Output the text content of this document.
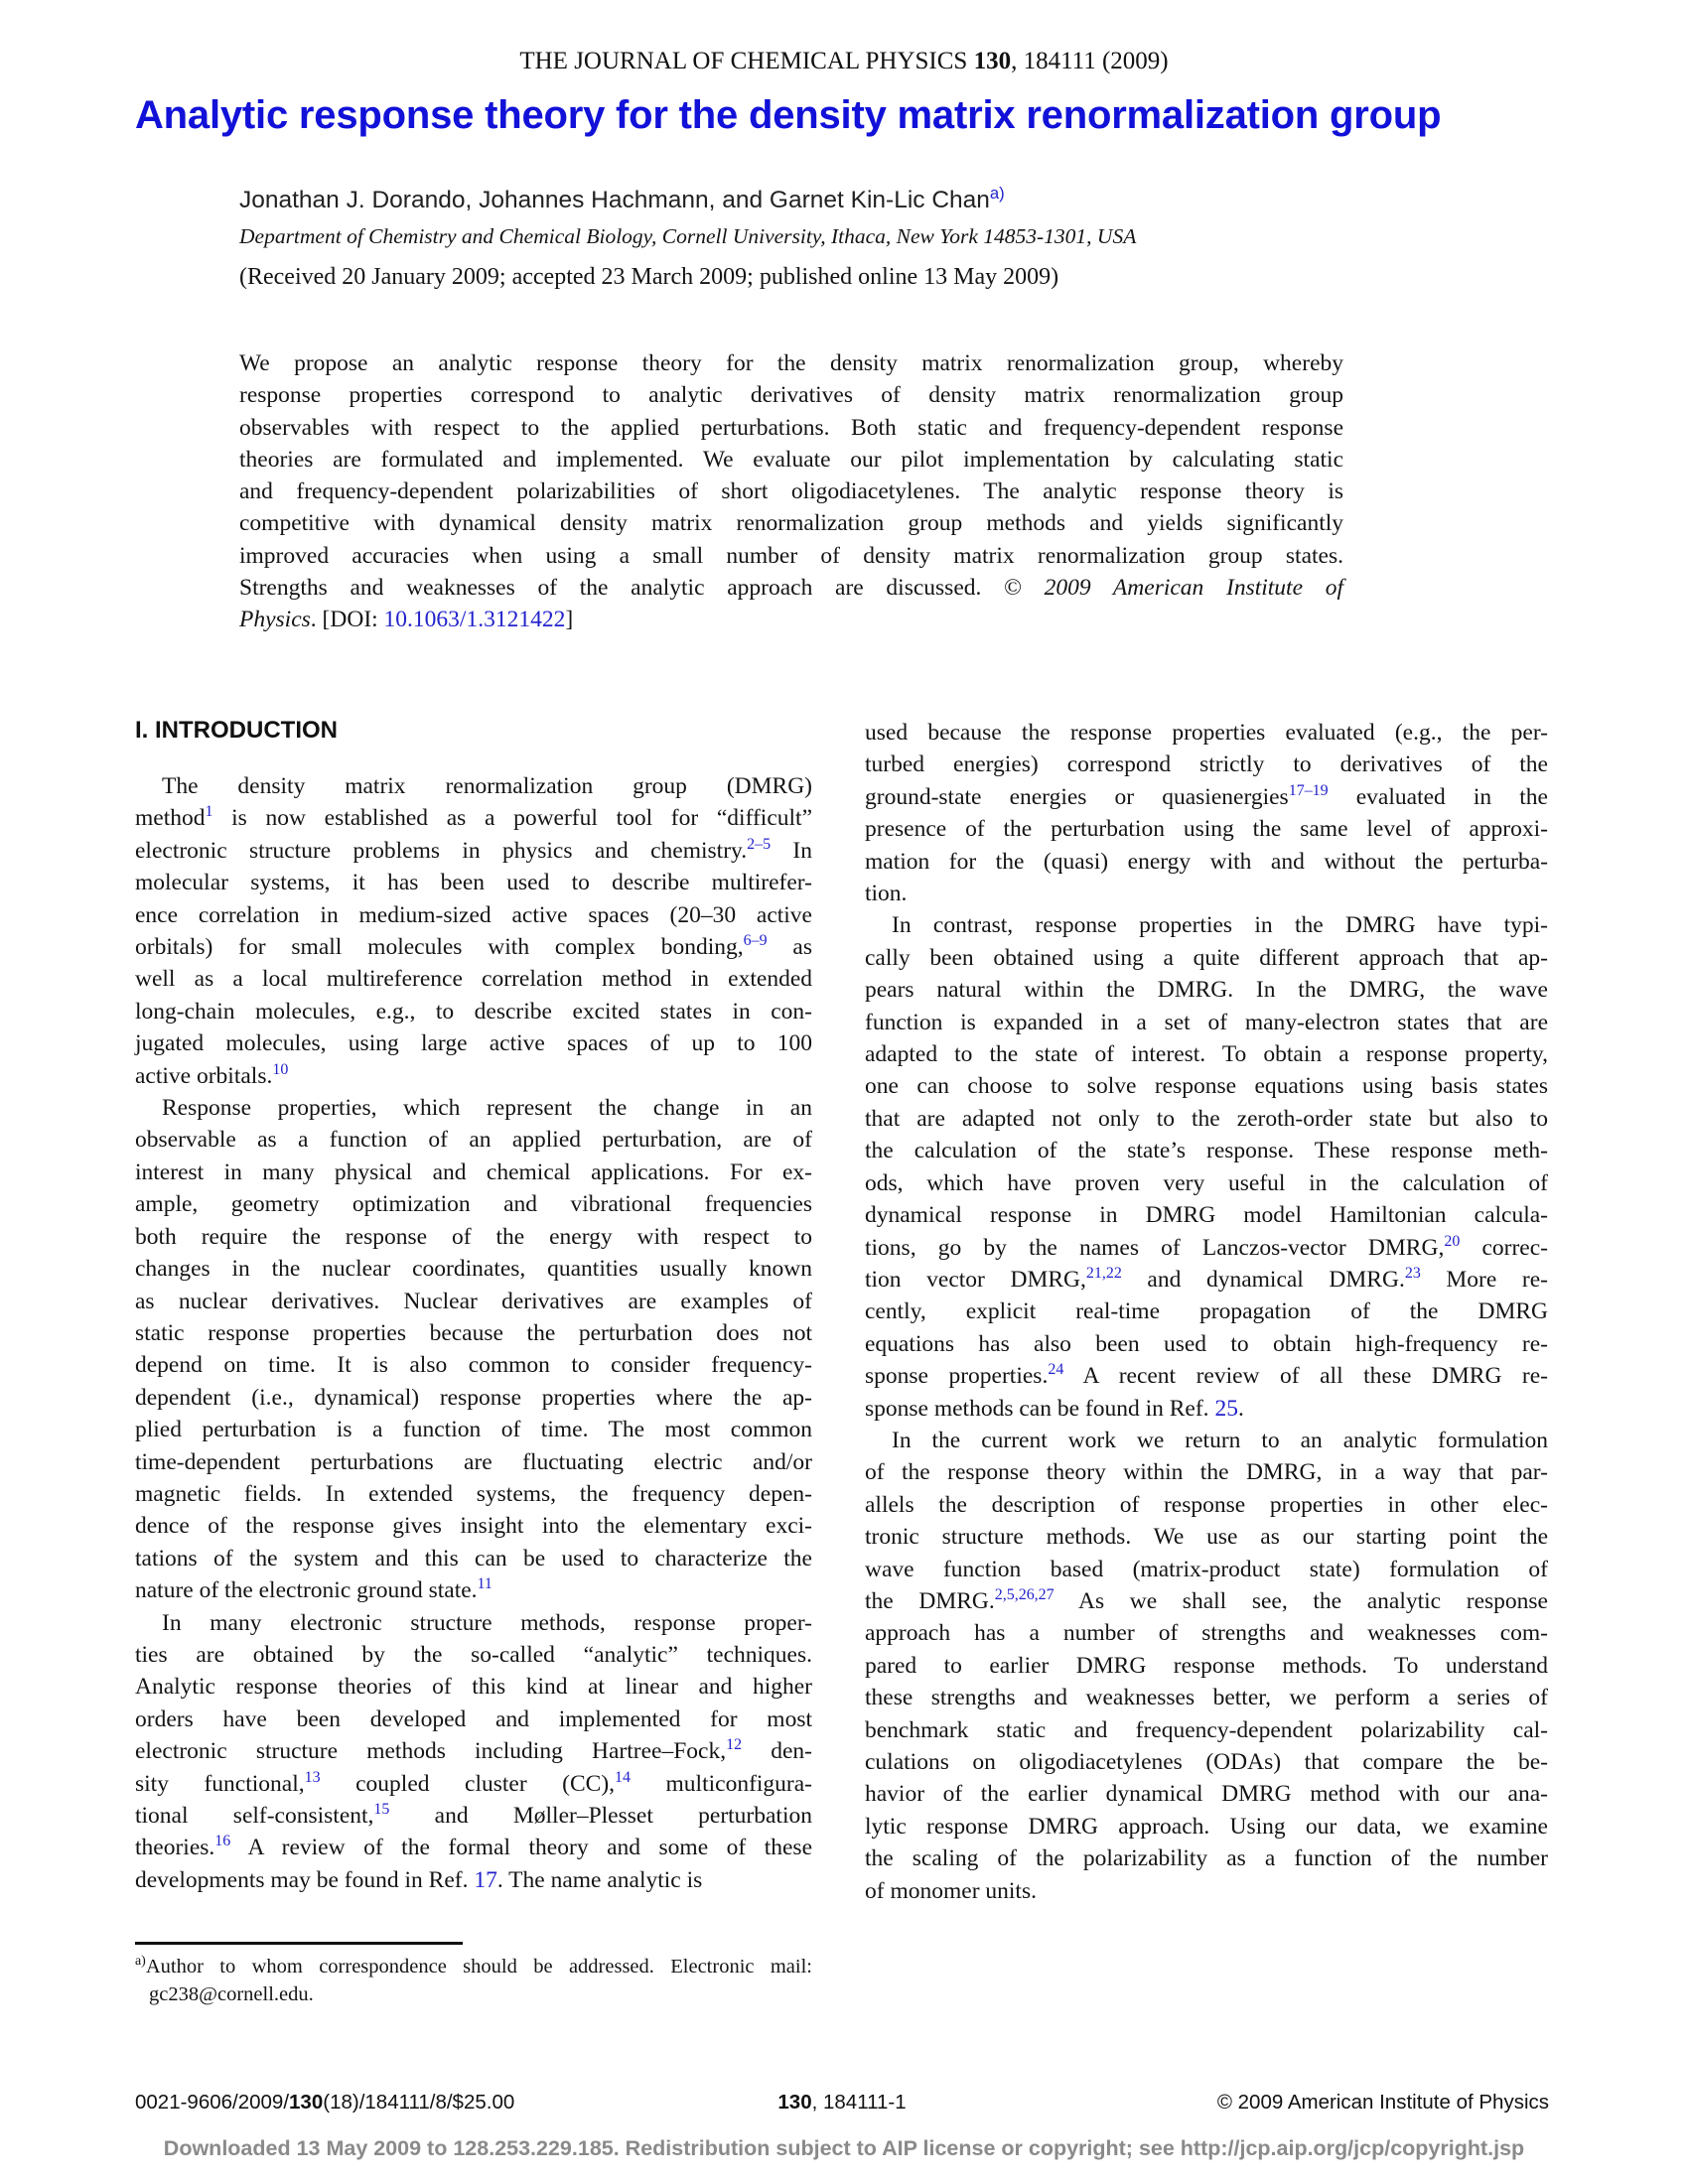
THE JOURNAL OF CHEMICAL PHYSICS 130, 184111 (2009)
Analytic response theory for the density matrix renormalization group
Jonathan J. Dorando, Johannes Hachmann, and Garnet Kin-Lic Chan$^{a)}$
Department of Chemistry and Chemical Biology, Cornell University, Ithaca, New York 14853-1301, USA
(Received 20 January 2009; accepted 23 March 2009; published online 13 May 2009)
We propose an analytic response theory for the density matrix renormalization group, whereby
response properties correspond to analytic derivatives of density matrix renormalization group
observables with respect to the applied perturbations. Both static and frequency-dependent response
theories are formulated and implemented. We evaluate our pilot implementation by calculating static
and frequency-dependent polarizabilities of short oligodiacetylenes. The analytic response theory is
competitive with dynamical density matrix renormalization group methods and yields significantly
improved accuracies when using a small number of density matrix renormalization group states.
Strengths and weaknesses of the analytic approach are discussed. © 2009 American Institute of
Physics. [DOI: 10.1063/1.3121422]
I. INTRODUCTION
The density matrix renormalization group (DMRG)
method$^1$ is now established as a powerful tool for “difficult”
electronic structure problems in physics and chemistry.$^{2-5}$ In
molecular systems, it has been used to describe multirefer-
ence correlation in medium-sized active spaces (20–30 active
orbitals) for small molecules with complex bonding,$^{6-9}$ as
well as a local multireference correlation method in extended
long-chain molecules, e.g., to describe excited states in con-
jugated molecules, using large active spaces of up to 100
active orbitals.$^{10}$
Response properties, which represent the change in an
observable as a function of an applied perturbation, are of
interest in many physical and chemical applications. For ex-
ample, geometry optimization and vibrational frequencies
both require the response of the energy with respect to
changes in the nuclear coordinates, quantities usually known
as nuclear derivatives. Nuclear derivatives are examples of
static response properties because the perturbation does not
depend on time. It is also common to consider frequency-
dependent (i.e., dynamical) response properties where the ap-
plied perturbation is a function of time. The most common
time-dependent perturbations are fluctuating electric and/or
magnetic fields. In extended systems, the frequency depen-
dence of the response gives insight into the elementary exci-
tations of the system and this can be used to characterize the
nature of the electronic ground state.$^{11}$
In many electronic structure methods, response proper-
ties are obtained by the so-called “analytic” techniques.
Analytic response theories of this kind at linear and higher
orders have been developed and implemented for most
electronic structure methods including Hartree–Fock,$^{12}$ den-
sity functional,$^{13}$ coupled cluster (CC),$^{14}$ multiconfigura-
tional self-consistent,$^{15}$ and Møller–Plesset perturbation
theories.$^{16}$ A review of the formal theory and some of these
developments may be found in Ref. 17. The name analytic is
$^{a)}$Author to whom correspondence should be addressed. Electronic mail:
gc238@cornell.edu.
used because the response properties evaluated (e.g., the per-
turbed energies) correspond strictly to derivatives of the
ground-state energies or quasienergies$^{17-19}$ evaluated in the
presence of the perturbation using the same level of approxi-
mation for the (quasi) energy with and without the perturba-
tion.
In contrast, response properties in the DMRG have typi-
cally been obtained using a quite different approach that ap-
pears natural within the DMRG. In the DMRG, the wave
function is expanded in a set of many-electron states that are
adapted to the state of interest. To obtain a response property,
one can choose to solve response equations using basis states
that are adapted not only to the zeroth-order state but also to
the calculation of the state’s response. These response meth-
ods, which have proven very useful in the calculation of
dynamical response in DMRG model Hamiltonian calcula-
tions, go by the names of Lanczos-vector DMRG,$^{20}$ correc-
tion vector DMRG,$^{21,22}$ and dynamical DMRG.$^{23}$ More re-
cently, explicit real-time propagation of the DMRG
equations has also been used to obtain high-frequency re-
sponse properties.$^{24}$ A recent review of all these DMRG re-
sponse methods can be found in Ref. 25.
In the current work we return to an analytic formulation
of the response theory within the DMRG, in a way that par-
allels the description of response properties in other elec-
tronic structure methods. We use as our starting point the
wave function based (matrix-product state) formulation of
the DMRG.$^{2,5,26,27}$ As we shall see, the analytic response
approach has a number of strengths and weaknesses com-
pared to earlier DMRG response methods. To understand
these strengths and weaknesses better, we perform a series of
benchmark static and frequency-dependent polarizability cal-
culations on oligodiacetylenes (ODAs) that compare the be-
havior of the earlier dynamical DMRG method with our ana-
lytic response DMRG approach. Using our data, we examine
the scaling of the polarizability as a function of the number
of monomer units.
0021-9606/2009/130(18)/184111/8/$25.00	130, 184111-1	© 2009 American Institute of Physics
Downloaded 13 May 2009 to 128.253.229.185. Redistribution subject to AIP license or copyright; see http://jcp.aip.org/jcp/copyright.jsp
